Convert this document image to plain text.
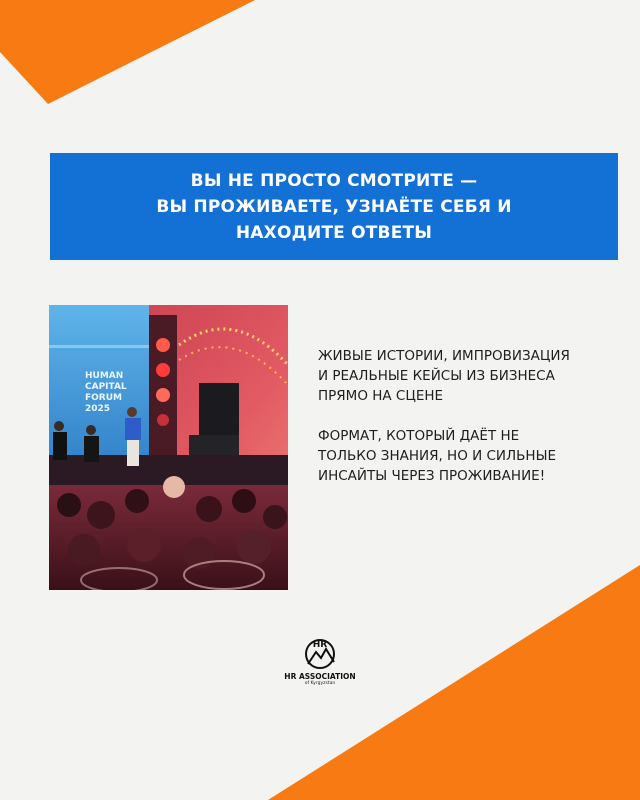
ВЫ НЕ ПРОСТО СМОТРИТЕ —
ВЫ ПРОЖИВАЕТЕ, УЗНАЁТЕ СЕБЯ И
НАХОДИТЕ ОТВЕТЫ
HUMAN
CAPITAL
FORUM
2025
ЖИВЫЕ ИСТОРИИ, ИМПРОВИЗАЦИЯ
И РЕАЛЬНЫЕ КЕЙСЫ ИЗ БИЗНЕСА
ПРЯМО НА СЦЕНЕ
ФОРМАТ, КОТОРЫЙ ДАЁТ НЕ
ТОЛЬКО ЗНАНИЯ, НО И СИЛЬНЫЕ
ИНСАЙТЫ ЧЕРЕЗ ПРОЖИВАНИЕ!
HR
HR ASSOCIATION
of Kyrgyzstan
